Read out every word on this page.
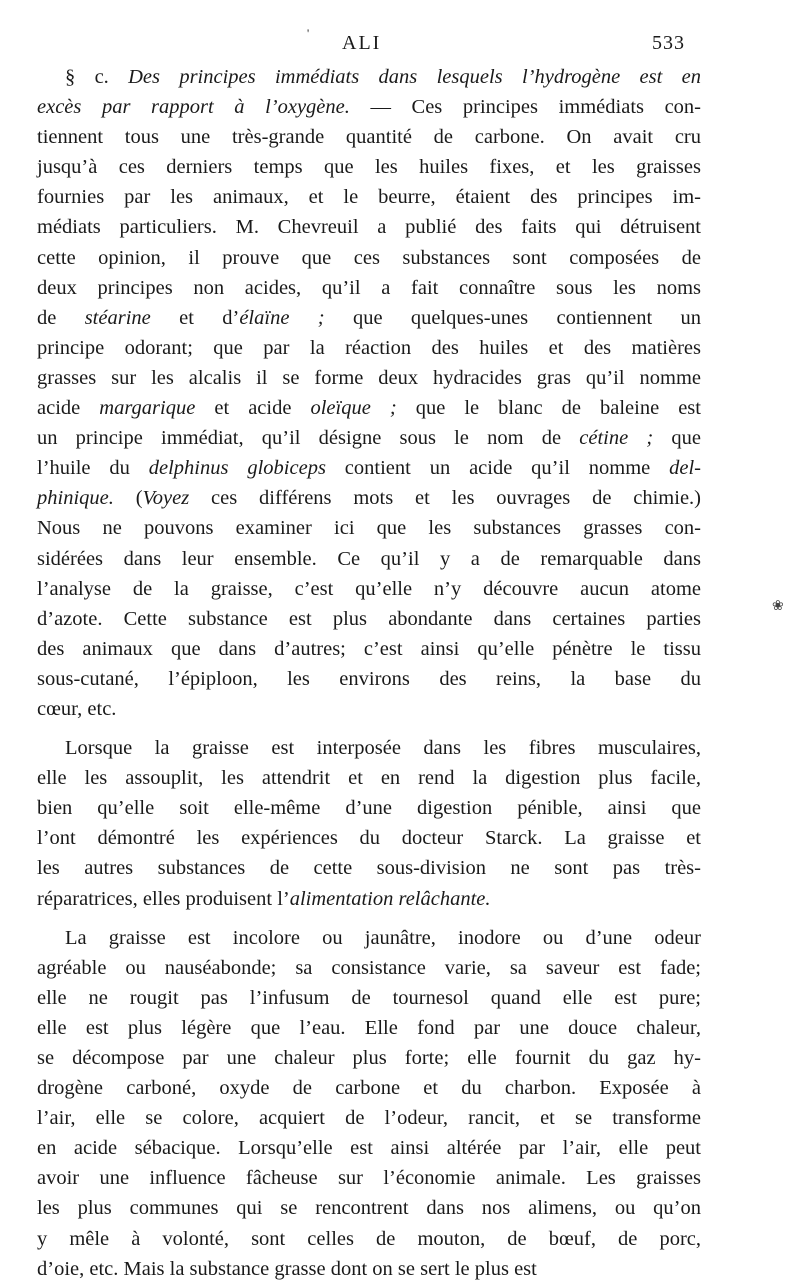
' ALI	533

§ c. Des principes immédiats dans lesquels l’hydrogène est en
excès par rapport à l’oxygène. — Ces principes immédiats con-
tiennent tous une très-grande quantité de carbone. On avait cru
jusqu’à ces derniers temps que les huiles fixes, et les graisses
fournies par les animaux, et le beurre, étaient des principes im-
médiats particuliers. M. Chevreuil a publié des faits qui détruisent
cette opinion, il prouve que ces substances sont composées de
deux principes non acides, qu’il a fait connaître sous les noms
de stéarine et d’élaïne ; que quelques-unes contiennent un
principe odorant; que par la réaction des huiles et des matières
grasses sur les alcalis il se forme deux hydracides gras qu’il nomme
acide margarique et acide oleïque ; que le blanc de baleine est
un principe immédiat, qu’il désigne sous le nom de cétine ; que
l’huile du delphinus globiceps contient un acide qu’il nomme del-
phinique. (Voyez ces différens mots et les ouvrages de chimie.)
Nous ne pouvons examiner ici que les substances grasses con-
sidérées dans leur ensemble. Ce qu’il y a de remarquable dans
l’analyse de la graisse, c’est qu’elle n’y découvre aucun atome
d’azote. Cette substance est plus abondante dans certaines parties
des animaux que dans d’autres; c’est ainsi qu’elle pénètre le tissu
sous-cutané, l’épiploon, les environs des reins, la base du
cœur, etc.

Lorsque la graisse est interposée dans les fibres musculaires,
elle les assouplit, les attendrit et en rend la digestion plus facile,
bien qu’elle soit elle-même d’une digestion pénible, ainsi que
l’ont démontré les expériences du docteur Starck. La graisse et
les autres substances de cette sous-division ne sont pas très-
réparatrices, elles produisent l’alimentation relâchante.

La graisse est incolore ou jaunâtre, inodore ou d’une odeur
agréable ou nauséabonde; sa consistance varie, sa saveur est fade;
elle ne rougit pas l’infusum de tournesol quand elle est pure;
elle est plus légère que l’eau. Elle fond par une douce chaleur,
se décompose par une chaleur plus forte; elle fournit du gaz hy-
drogène carboné, oxyde de carbone et du charbon. Exposée à
l’air, elle se colore, acquiert de l’odeur, rancit, et se transforme
en acide sébacique. Lorsqu’elle est ainsi altérée par l’air, elle peut
avoir une influence fâcheuse sur l’économie animale. Les graisses
les plus communes qui se rencontrent dans nos alimens, ou qu’on
y mêle à volonté, sont celles de mouton, de bœuf, de porc,
d’oie, etc. Mais la substance grasse dont on se sert le plus est

❀
